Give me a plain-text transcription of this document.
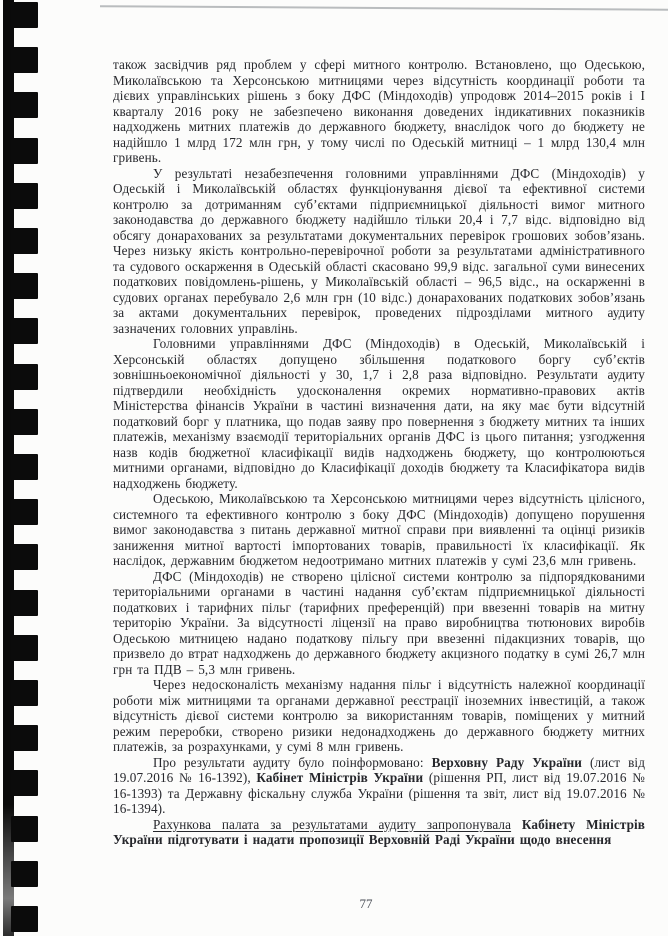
також засвідчив ряд проблем у сфері митного контролю. Встановлено, що Одеською, Миколаївською та Херсонською митницями через відсутність координації роботи та дієвих управлінських рішень з боку ДФС (Міндоходів) упродовж 2014–2015 років і І кварталу 2016 року не забезпечено виконання доведених індикативних показників надходжень митних платежів до державного бюджету, внаслідок чого до бюджету не надійшло 1 млрд 172 млн грн, у тому числі по Одеській митниці – 1 млрд 130,4 млн гривень.

У результаті незабезпечення головними управліннями ДФС (Міндоходів) у Одеській і Миколаївській областях функціонування дієвої та ефективної системи контролю за дотриманням суб’єктами підприємницької діяльності вимог митного законодавства до державного бюджету надійшло тільки 20,4 і 7,7 відс. відповідно від обсягу донарахованих за результатами документальних перевірок грошових зобов’язань. Через низьку якість контрольно-перевірочної роботи за результатами адміністративного та судового оскарження в Одеській області скасовано 99,9 відс. загальної суми винесених податкових повідомлень-рішень, у Миколаївській області – 96,5 відс., на оскарженні в судових органах перебувало 2,6 млн грн (10 відс.) донарахованих податкових зобов’язань за актами документальних перевірок, проведених підрозділами митного аудиту зазначених головних управлінь.

Головними управліннями ДФС (Міндоходів) в Одеській, Миколаївській і Херсонській областях допущено збільшення податкового боргу суб’єктів зовнішньоекономічної діяльності у 30, 1,7 і 2,8 раза відповідно. Результати аудиту підтвердили необхідність удосконалення окремих нормативно-правових актів Міністерства фінансів України в частині визначення дати, на яку має бути відсутній податковий борг у платника, що подав заяву про повернення з бюджету митних та інших платежів, механізму взаємодії територіальних органів ДФС із цього питання; узгодження назв кодів бюджетної класифікації видів надходжень бюджету, що контролюються митними органами, відповідно до Класифікації доходів бюджету та Класифікатора видів надходжень бюджету.

Одеською, Миколаївською та Херсонською митницями через відсутність цілісного, системного та ефективного контролю з боку ДФС (Міндоходів) допущено порушення вимог законодавства з питань державної митної справи при виявленні та оцінці ризиків заниження митної вартості імпортованих товарів, правильності їх класифікації. Як наслідок, державним бюджетом недоотримано митних платежів у сумі 23,6 млн гривень.

ДФС (Міндоходів) не створено цілісної системи контролю за підпорядкованими територіальними органами в частині надання суб’єктам підприємницької діяльності податкових і тарифних пільг (тарифних преференцій) при ввезенні товарів на митну територію України. За відсутності ліцензії на право виробництва тютюнових виробів Одеською митницею надано податкову пільгу при ввезенні підакцизних товарів, що призвело до втрат надходжень до державного бюджету акцизного податку в сумі 26,7 млн грн та ПДВ – 5,3 млн гривень.

Через недосконалість механізму надання пільг і відсутність належної координації роботи між митницями та органами державної реєстрації іноземних інвестицій, а також відсутність дієвої системи контролю за використанням товарів, поміщених у митний режим переробки, створено ризики недонадходжень до державного бюджету митних платежів, за розрахунками, у сумі 8 млн гривень.

Про результати аудиту було поінформовано: Верховну Раду України (лист від 19.07.2016 № 16-1392), Кабінет Міністрів України (рішення РП, лист від 19.07.2016 № 16-1393) та Державну фіскальну служба України (рішення та звіт, лист від 19.07.2016 № 16-1394).

Рахункова палата за результатами аудиту запропонувала Кабінету Міністрів України підготувати і надати пропозиції Верховній Раді України щодо внесення

77
